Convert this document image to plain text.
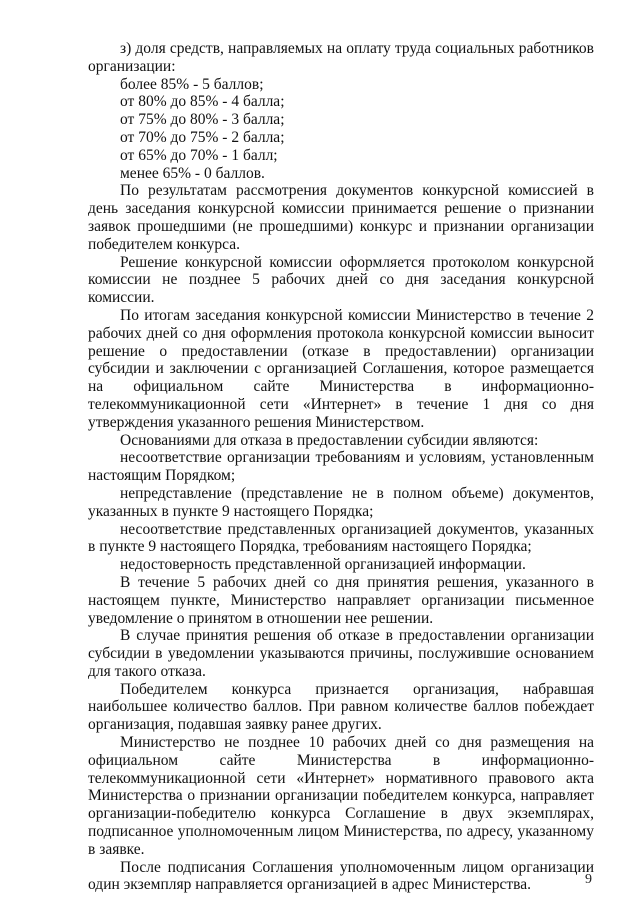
з) доля средств, направляемых на оплату труда социальных работников организации:

более 85% - 5 баллов;

от 80% до 85% - 4 балла;

от 75% до 80% - 3 балла;

от 70% до 75% - 2 балла;

от 65% до 70% - 1 балл;

менее 65% - 0 баллов.

По результатам рассмотрения документов конкурсной комиссией в день заседания конкурсной комиссии принимается решение о признании заявок прошедшими (не прошедшими) конкурс и признании организации победителем конкурса.

Решение конкурсной комиссии оформляется протоколом конкурсной комиссии не позднее 5 рабочих дней со дня заседания конкурсной комиссии.

По итогам заседания конкурсной комиссии Министерство в течение 2 рабочих дней со дня оформления протокола конкурсной комиссии выносит решение о предоставлении (отказе в предоставлении) организации субсидии и заключении с организацией Соглашения, которое размещается на официальном сайте Министерства в информационно-телекоммуникационной сети «Интернет» в течение 1 дня со дня утверждения указанного решения Министерством.

Основаниями для отказа в предоставлении субсидии являются:

несоответствие организации требованиям и условиям, установленным настоящим Порядком;

непредставление (представление не в полном объеме) документов, указанных в пункте 9 настоящего Порядка;

несоответствие представленных организацией документов, указанных в пункте 9 настоящего Порядка, требованиям настоящего Порядка;

недостоверность представленной организацией информации.

В течение 5 рабочих дней со дня принятия решения, указанного в настоящем пункте, Министерство направляет организации письменное уведомление о принятом в отношении нее решении.

В случае принятия решения об отказе в предоставлении организации субсидии в уведомлении указываются причины, послужившие основанием для такого отказа.

Победителем конкурса признается организация, набравшая наибольшее количество баллов. При равном количестве баллов побеждает организация, подавшая заявку ранее других.

Министерство не позднее 10 рабочих дней со дня размещения на официальном сайте Министерства в информационно-телекоммуникационной сети «Интернет» нормативного правового акта Министерства о признании организации победителем конкурса, направляет организации-победителю конкурса Соглашение в двух экземплярах, подписанное уполномоченным лицом Министерства, по адресу, указанному в заявке.

После подписания Соглашения уполномоченным лицом организации один экземпляр направляется организацией в адрес Министерства.	9
